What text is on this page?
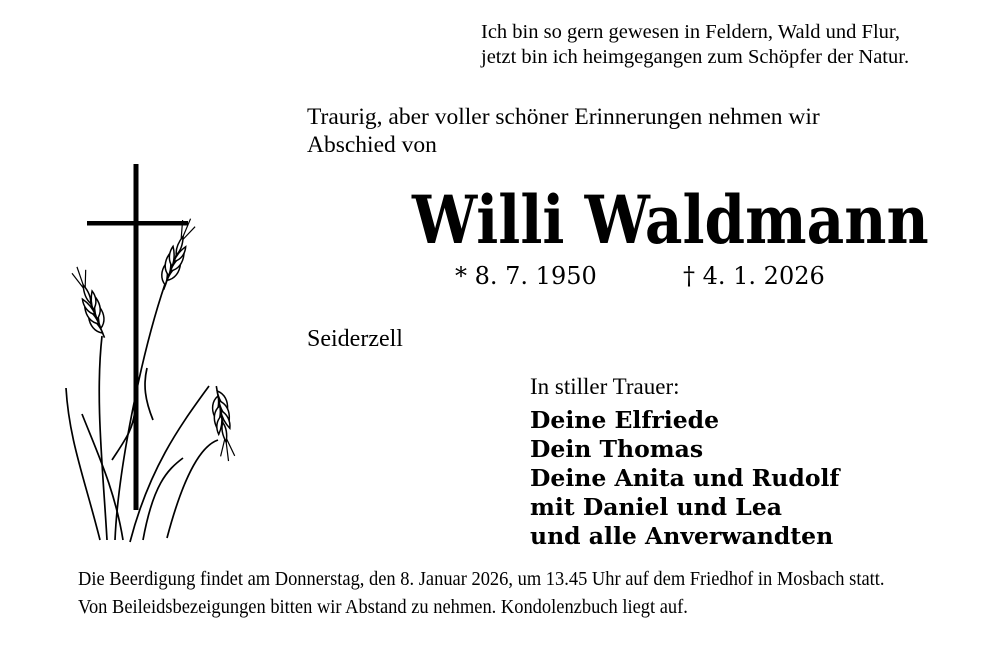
Ich bin so gern gewesen in Feldern, Wald und Flur,
jetzt bin ich heimgegangen zum Schöpfer der Natur.
Traurig, aber voller schöner Erinnerungen nehmen wir
Abschied von
Willi Waldmann
* 8. 7. 1950	† 4. 1. 2026
Seiderzell
In stiller Trauer:
Deine Elfriede
Dein Thomas
Deine Anita und Rudolf
mit Daniel und Lea
und alle Anverwandten
Die Beerdigung findet am Donnerstag, den 8. Januar 2026, um 13.45 Uhr auf dem Friedhof in Mosbach statt.
Von Beileidsbezeigungen bitten wir Abstand zu nehmen. Kondolenzbuch liegt auf.
